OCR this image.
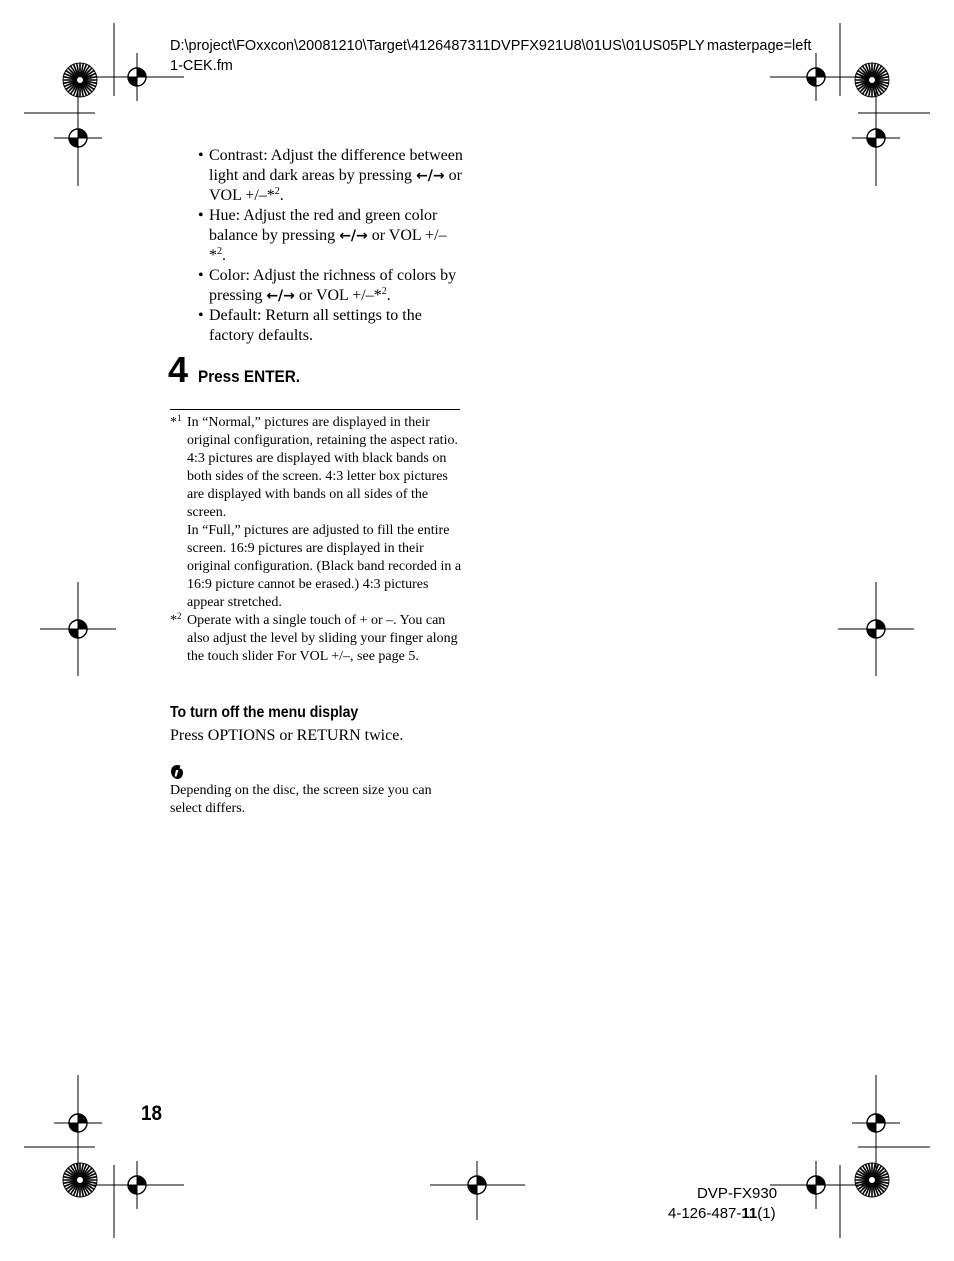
D:\project\FOxxcon\20081210\Target\4126487311DVPFX921U8\01US\01US05PLY
1-CEK.fm
masterpage=left
• Contrast: Adjust the difference between light and dark areas by pressing ←/→ or VOL +/–*$^2$.
• Hue: Adjust the red and green color balance by pressing ←/→ or VOL +/– *$^2$.
• Color: Adjust the richness of colors by pressing ←/→ or VOL +/–*$^2$.
• Default: Return all settings to the factory defaults.
4 Press ENTER.
*$^1$ In “Normal,” pictures are displayed in their original configuration, retaining the aspect ratio. 4:3 pictures are displayed with black bands on both sides of the screen. 4:3 letter box pictures are displayed with bands on all sides of the screen.
In “Full,” pictures are adjusted to fill the entire screen. 16:9 pictures are displayed in their original configuration. (Black band recorded in a 16:9 picture cannot be erased.) 4:3 pictures appear stretched.
*$^2$ Operate with a single touch of + or –. You can also adjust the level by sliding your finger along the touch slider For VOL +/–, see page 5.
To turn off the menu display
Press OPTIONS or RETURN twice.
Depending on the disc, the screen size you can select differs.
18
DVP-FX930
4-126-487-11(1)
